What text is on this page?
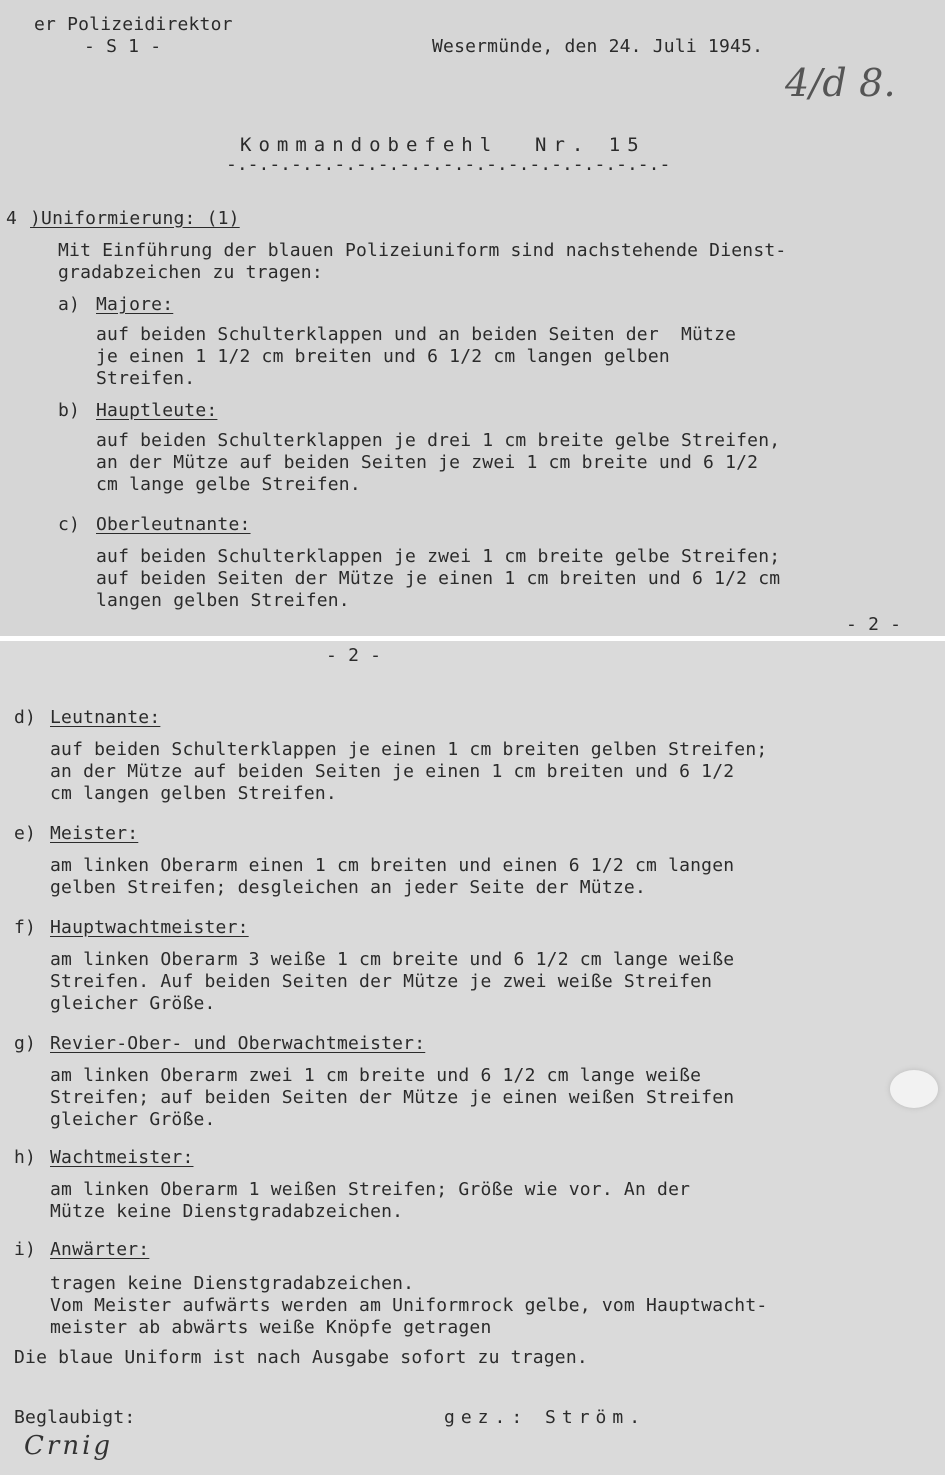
er Polizeidirektor
- S 1 -	Wesermünde, den 24. Juli 1945.
4/d 8.
Kommandobefehl  Nr. 15
-.-.-.-.-.-.-.-.-.-.-.-.-.-.-.-.-.-.-.-.-
4 )Uniformierung: (1)
Mit Einführung der blauen Polizeiuniform sind nachstehende Dienst-
gradabzeichen zu tragen:
a) Majore:
auf beiden Schulterklappen und an beiden Seiten der  Mütze
je einen 1 1/2 cm breiten und 6 1/2 cm langen gelben
Streifen.
b) Hauptleute:
auf beiden Schulterklappen je drei 1 cm breite gelbe Streifen,
an der Mütze auf beiden Seiten je zwei 1 cm breite und 6 1/2
cm lange gelbe Streifen.
c) Oberleutnante:
auf beiden Schulterklappen je zwei 1 cm breite gelbe Streifen;
auf beiden Seiten der Mütze je einen 1 cm breiten und 6 1/2 cm
langen gelben Streifen.
- 2 -
- 2 -
d) Leutnante:
auf beiden Schulterklappen je einen 1 cm breiten gelben Streifen;
an der Mütze auf beiden Seiten je einen 1 cm breiten und 6 1/2
cm langen gelben Streifen.
e) Meister:
am linken Oberarm einen 1 cm breiten und einen 6 1/2 cm langen
gelben Streifen; desgleichen an jeder Seite der Mütze.
f) Hauptwachtmeister:
am linken Oberarm 3 weiße 1 cm breite und 6 1/2 cm lange weiße
Streifen. Auf beiden Seiten der Mütze je zwei weiße Streifen
gleicher Größe.
g) Revier-Ober- und Oberwachtmeister:
am linken Oberarm zwei 1 cm breite und 6 1/2 cm lange weiße
Streifen; auf beiden Seiten der Mütze je einen weißen Streifen
gleicher Größe.
h) Wachtmeister:
am linken Oberarm 1 weißen Streifen; Größe wie vor. An der
Mütze keine Dienstgradabzeichen.
i) Anwärter:
tragen keine Dienstgradabzeichen.
Vom Meister aufwärts werden am Uniformrock gelbe, vom Hauptwacht-
meister ab abwärts weiße Knöpfe getragen
Die blaue Uniform ist nach Ausgabe sofort zu tragen.
Beglaubigt:	gez.: Ström.
Crnig
